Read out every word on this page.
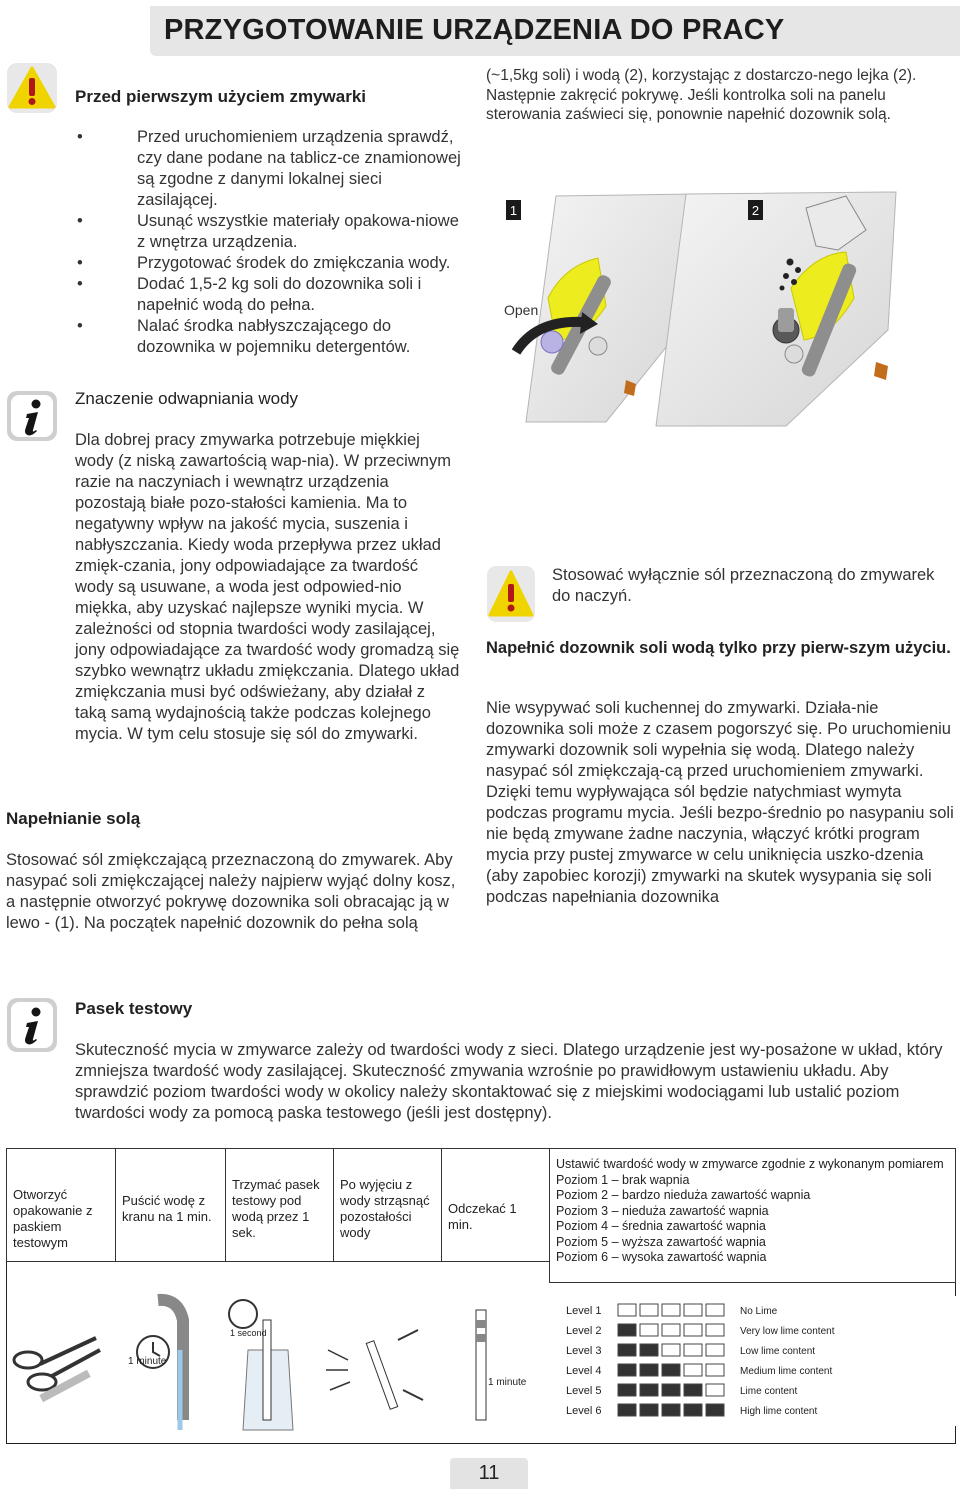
PRZYGOTOWANIE URZĄDZENIA DO PRACY
Przed pierwszym użyciem zmywarki
• Przed uruchomieniem urządzenia sprawdź, czy dane podane na tablicz-ce znamionowej są zgodne z danymi lokalnej sieci zasilającej.
• Usunąć wszystkie materiały opakowa-niowe z wnętrza urządzenia.
• Przygotować środek do zmiękczania wody.
• Dodać 1,5-2 kg soli do dozownika soli i napełnić wodą do pełna.
• Nalać środka nabłyszczającego do dozownika w pojemniku detergentów.
Znaczenie odwapniania wody
Dla dobrej pracy zmywarka potrzebuje miękkiej wody (z niską zawartością wap-nia). W przeciwnym razie na naczyniach i wewnątrz urządzenia pozostają białe pozo-stałości kamienia. Ma to negatywny wpływ na jakość mycia, suszenia i nabłyszczania. Kiedy woda przepływa przez układ zmięk-czania, jony odpowiadające za twardość wody są usuwane, a woda jest odpowied-nio miękka, aby uzyskać najlepsze wyniki mycia. W zależności od stopnia twardości wody zasilającej, jony odpowiadające za twardość wody gromadzą się szybko wewnątrz układu zmiękczania. Dlatego układ zmiękczania musi być odświeżany, aby działał z taką samą wydajnością także podczas kolejnego mycia. W tym celu stosuje się sól do zmywarki.
Napełnianie solą
Stosować sól zmiękczającą przeznaczoną do zmywarek. Aby nasypać soli zmiękczającej należy najpierw wyjąć dolny kosz, a następnie otworzyć pokrywę dozownika soli obracając ją w lewo - (1). Na początek napełnić dozownik do pełna solą
(~1,5kg soli) i wodą (2), korzystając z dostarczo-nego lejka (2). Następnie zakręcić pokrywę. Jeśli kontrolka soli na panelu sterowania zaświeci się, ponownie napełnić dozownik solą.
1	2
Open
Stosować wyłącznie sól przeznaczoną do zmywarek do naczyń.
Napełnić dozownik soli wodą tylko przy pierw-szym użyciu.
Nie wsypywać soli kuchennej do zmywarki. Działa-nie dozownika soli może z czasem pogorszyć się. Po uruchomieniu zmywarki dozownik soli wypełnia się wodą. Dlatego należy nasypać sól zmiękczają-cą przed uruchomieniem zmywarki. Dzięki temu wypływająca sól będzie natychmiast wymyta podczas programu mycia. Jeśli bezpo-średnio po nasypaniu soli nie będą zmywane żadne naczynia, włączyć krótki program mycia przy pustej zmywarce w celu uniknięcia uszko-dzenia (aby zapobiec korozji) zmywarki na skutek wysypania się soli podczas napełniania dozownika
Pasek testowy
Skuteczność mycia w zmywarce zależy od twardości wody z sieci. Dlatego urządzenie jest wy-posażone w układ, który zmniejsza twardość wody zasilającej. Skuteczność zmywania wzrośnie po prawidłowym ustawieniu układu. Aby sprawdzić poziom twardości wody w okolicy należy skontaktować się z miejskimi wodociągami lub ustalić poziom twardości wody za pomocą paska testowego (jeśli jest dostępny).
Otworzyć opakowanie z paskiem testowym
Puścić wodę z kranu na 1 min.
Trzymać pasek testowy pod wodą przez 1 sek.
Po wyjęciu z wody strząsnąć pozostałości wody
Odczekać 1 min.
Ustawić twardość wody w zmywarce zgodnie z wykonanym pomiarem
Poziom 1 – brak wapnia
Poziom 2 – bardzo niedużа zawartość wapnia
Poziom 3 – nieduża zawartość wapnia
Poziom 4 – średnia zawartość wapnia
Poziom 5 – wyższa zawartość wapnia
Poziom 6 – wysoka zawartość wapnia
1 minute
1 second
1 minute
Level 1	No Lime
Level 2	Very low lime content
Level 3	Low lime content
Level 4	Medium lime content
Level 5	Lime content
Level 6	High lime content
11
